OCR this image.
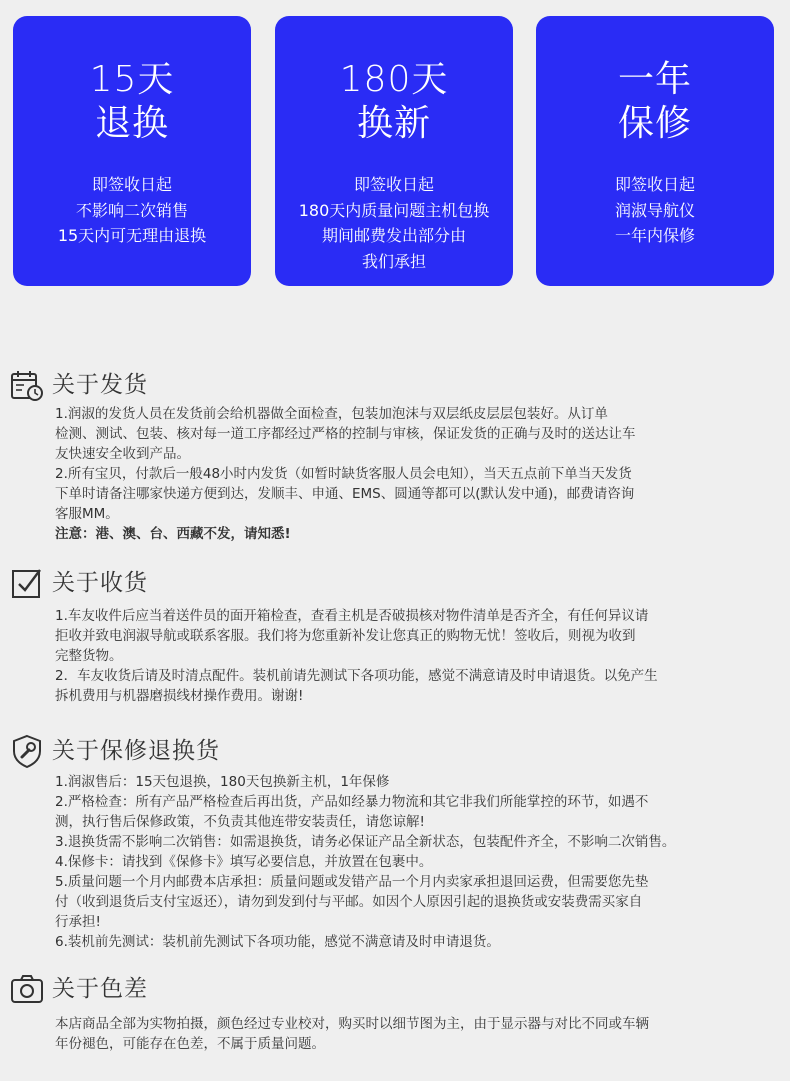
15天
退换
即签收日起
不影响二次销售
15天内可无理由退换
180天
换新
即签收日起
180天内质量问题主机包换
期间邮费发出部分由
我们承担
一年
保修
即签收日起
润淑导航仪
一年内保修
关于发货

1.润淑的发货人员在发货前会给机器做全面检查，包装加泡沫与双层纸皮层层包装好。从订单

检测、测试、包装、核对每一道工序都经过严格的控制与审核，保证发货的正确与及时的送达让车

友快速安全收到产品。

2.所有宝贝，付款后一般48小时内发货（如暂时缺货客服人员会电知），当天五点前下单当天发货

下单时请备注哪家快递方便到达，发顺丰、申通、EMS、圆通等都可以(默认发中通)，邮费请咨询

客服MM。

注意：港、澳、台、西藏不发，请知悉!

关于收货

1.车友收件后应当着送件员的面开箱检查，查看主机是否破损核对物件清单是否齐全，有任何异议请

拒收并致电润淑导航或联系客服。我们将为您重新补发让您真正的购物无忧！签收后，则视为收到

完整货物。

2．车友收货后请及时清点配件。装机前请先测试下各项功能，感觉不满意请及时申请退货。以免产生

拆机费用与机器磨损线材操作费用。谢谢!

关于保修退换货

1.润淑售后：15天包退换，180天包换新主机，1年保修

2.严格检查：所有产品严格检查后再出货，产品如经暴力物流和其它非我们所能掌控的环节，如遇不

测，执行售后保修政策，不负责其他连带安装责任，请您谅解!

3.退换货需不影响二次销售：如需退换货，请务必保证产品全新状态，包装配件齐全，不影响二次销售。

4.保修卡：请找到《保修卡》填写必要信息，并放置在包裹中。

5.质量问题一个月内邮费本店承担：质量问题或发错产品一个月内卖家承担退回运费，但需要您先垫

付（收到退货后支付宝返还），请勿到发到付与平邮。如因个人原因引起的退换货或安装费需买家自

行承担!

6.装机前先测试：装机前先测试下各项功能，感觉不满意请及时申请退货。

关于色差

本店商品全部为实物拍摄，颜色经过专业校对，购买时以细节图为主，由于显示器与对比不同或车辆

年份褪色，可能存在色差，不属于质量问题。
